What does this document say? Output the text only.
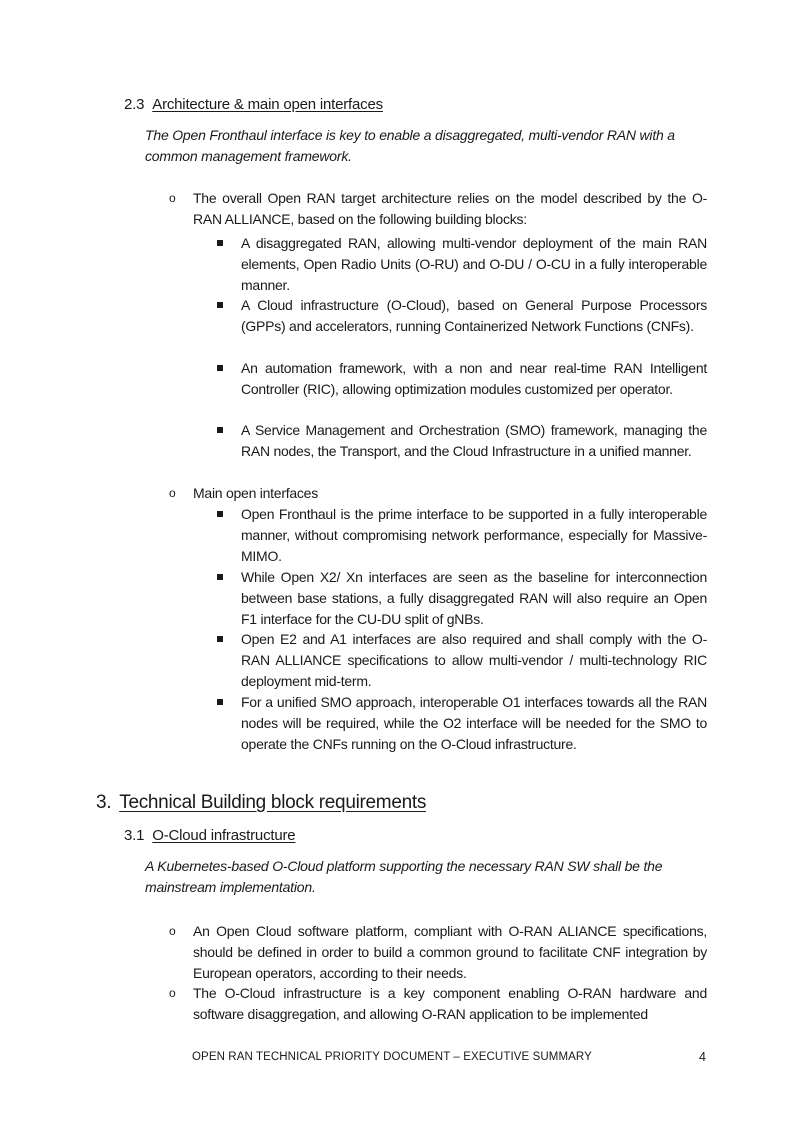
2.3 Architecture & main open interfaces
The Open Fronthaul interface is key to enable a disaggregated, multi-vendor RAN with a common management framework.
o The overall Open RAN target architecture relies on the model described by the O-RAN ALLIANCE, based on the following building blocks:
A disaggregated RAN, allowing multi-vendor deployment of the main RAN elements, Open Radio Units (O-RU) and O-DU / O-CU in a fully interoperable manner.
A Cloud infrastructure (O-Cloud), based on General Purpose Processors (GPPs) and accelerators, running Containerized Network Functions (CNFs).
An automation framework, with a non and near real-time RAN Intelligent Controller (RIC), allowing optimization modules customized per operator.
A Service Management and Orchestration (SMO) framework, managing the RAN nodes, the Transport, and the Cloud Infrastructure in a unified manner.
o Main open interfaces
Open Fronthaul is the prime interface to be supported in a fully interoperable manner, without compromising network performance, especially for Massive-MIMO.
While Open X2/ Xn interfaces are seen as the baseline for interconnection between base stations, a fully disaggregated RAN will also require an Open F1 interface for the CU-DU split of gNBs.
Open E2 and A1 interfaces are also required and shall comply with the O-RAN ALLIANCE specifications to allow multi-vendor / multi-technology RIC deployment mid-term.
For a unified SMO approach, interoperable O1 interfaces towards all the RAN nodes will be required, while the O2 interface will be needed for the SMO to operate the CNFs running on the O-Cloud infrastructure.
3. Technical Building block requirements
3.1 O-Cloud infrastructure
A Kubernetes-based O-Cloud platform supporting the necessary RAN SW shall be the mainstream implementation.
o An Open Cloud software platform, compliant with O-RAN ALIANCE specifications, should be defined in order to build a common ground to facilitate CNF integration by European operators, according to their needs.
o The O-Cloud infrastructure is a key component enabling O-RAN hardware and software disaggregation, and allowing O-RAN application to be implemented
OPEN RAN TECHNICAL PRIORITY DOCUMENT – EXECUTIVE SUMMARY	4
